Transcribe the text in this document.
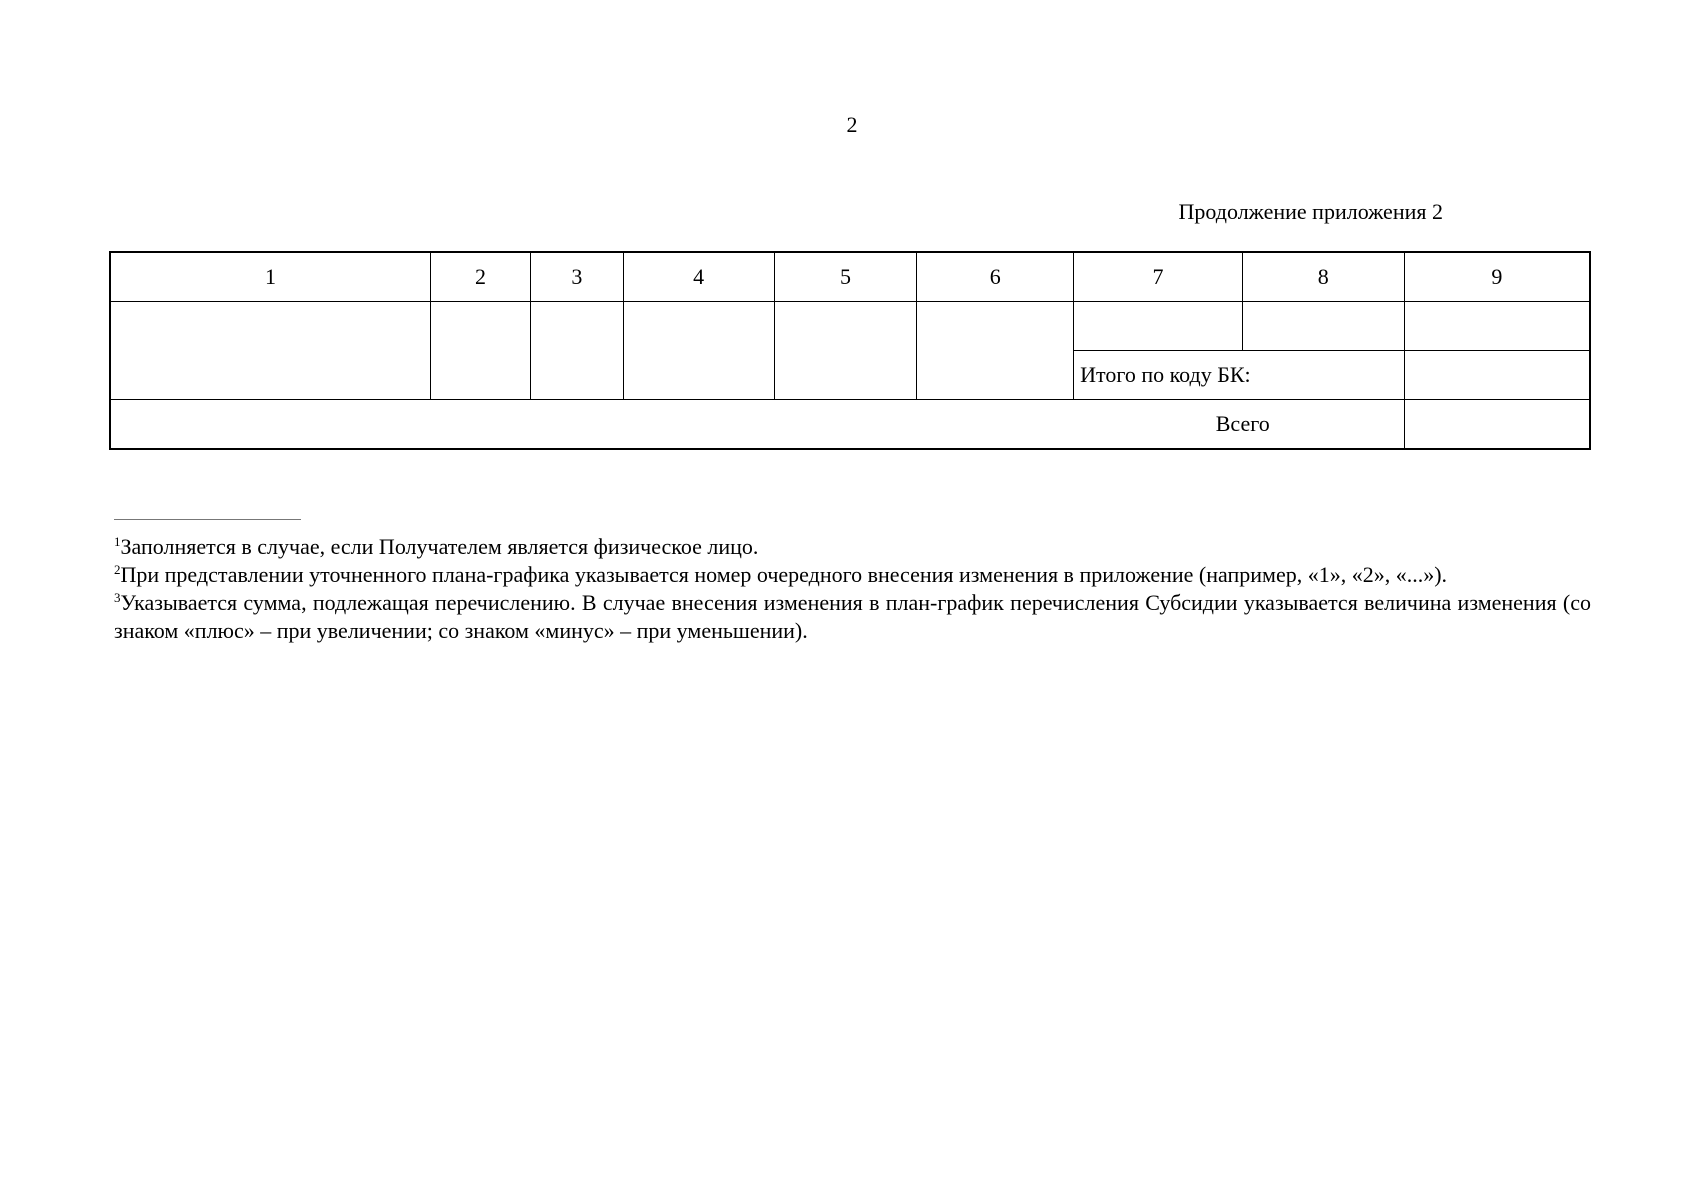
2
Продолжение приложения 2
1	2	3	4	5	6	7	8	9

						Итого по коду БК:		
Всего								

$^1$Заполняется в случае, если Получателем является физическое лицо.

$^2$При представлении уточненного плана-графика указывается номер очередного внесения изменения в приложение (например, «1», «2», «...»).

$^3$Указывается сумма, подлежащая перечислению. В случае внесения изменения в план-график перечисления Субсидии указывается величина изменения (со знаком «плюс» – при увеличении; со знаком «минус» – при уменьшении).
